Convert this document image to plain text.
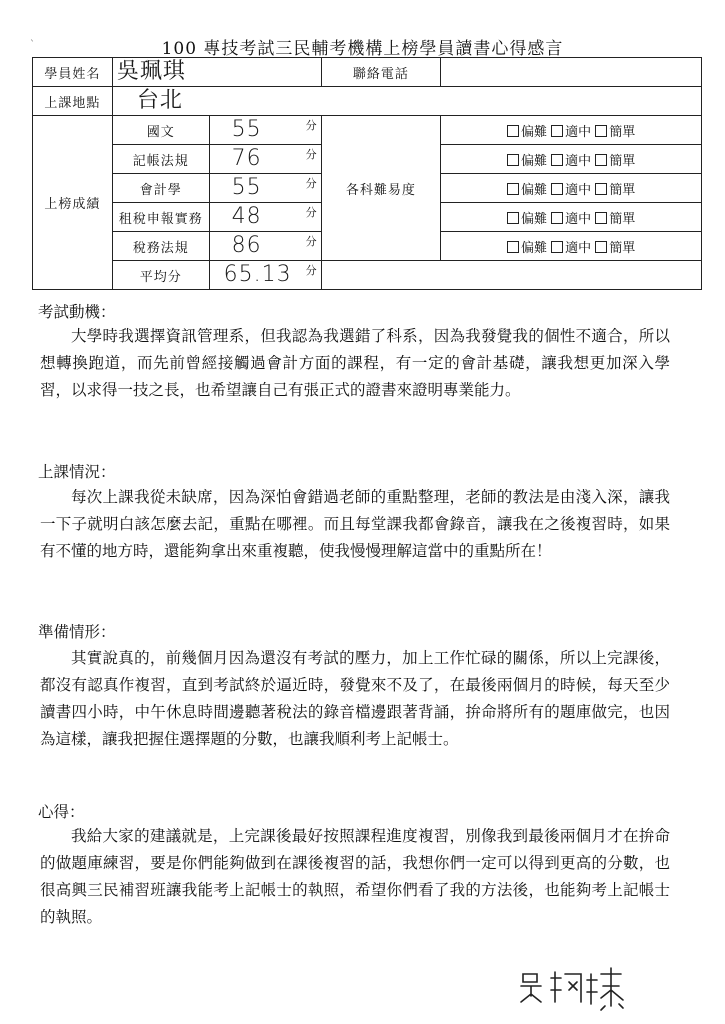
`	100 專技考試三民輔考機構上榜學員讀書心得感言
學員姓名	吳珮琪		聯絡電話	
上課地點	台北			
上榜成績	國文	55 分	各科難易度	偏難 適中 簡單
	記帳法規	76 分		偏難 適中 簡單
	會計學	55 分		偏難 適中 簡單
	租稅申報實務	48 分		偏難 適中 簡單
	稅務法規	86 分		偏難 適中 簡單
	平均分	65.13 分		

考試動機：

大學時我選擇資訊管理系，但我認為我選錯了科系，因為我發覺我的個性不適合，所以想轉換跑道，而先前曾經接觸過會計方面的課程，有一定的會計基礎，讓我想更加深入學習，以求得一技之長，也希望讓自己有張正式的證書來證明專業能力。

上課情況：

每次上課我從未缺席，因為深怕會錯過老師的重點整理，老師的教法是由淺入深，讓我一下子就明白該怎麼去記，重點在哪裡。而且每堂課我都會錄音，讓我在之後複習時，如果有不懂的地方時，還能夠拿出來重複聽，使我慢慢理解這當中的重點所在！

準備情形：

其實說真的，前幾個月因為還沒有考試的壓力，加上工作忙碌的關係，所以上完課後，都沒有認真作複習，直到考試終於逼近時，發覺來不及了，在最後兩個月的時候，每天至少讀書四小時，中午休息時間邊聽著稅法的錄音檔邊跟著背誦，拚命將所有的題庫做完，也因為這樣，讓我把握住選擇題的分數，也讓我順利考上記帳士。

心得：

我給大家的建議就是，上完課後最好按照課程進度複習，別像我到最後兩個月才在拚命的做題庫練習，要是你們能夠做到在課後複習的話，我想你們一定可以得到更高的分數，也很高興三民補習班讓我能考上記帳士的執照，希望你們看了我的方法後，也能夠考上記帳士的執照。
